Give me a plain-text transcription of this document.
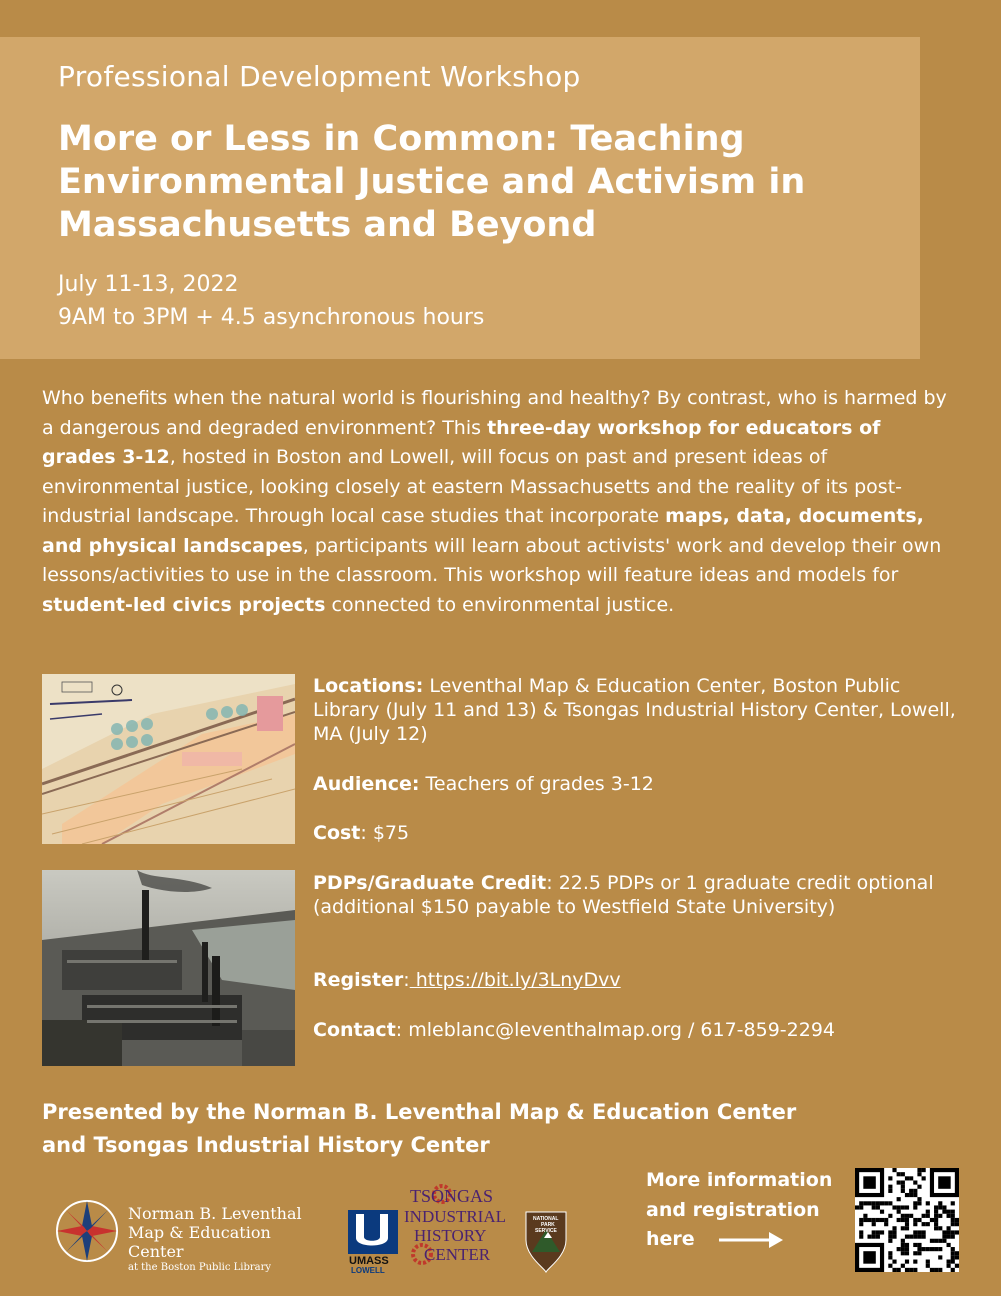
Professional Development Workshop
More or Less in Common: Teaching Environmental Justice and Activism in Massachusetts and Beyond
July 11-13, 2022
9AM to 3PM + 4.5 asynchronous hours
Who benefits when the natural world is flourishing and healthy? By contrast, who is harmed by a dangerous and degraded environment? This three-day workshop for educators of grades 3-12, hosted in Boston and Lowell, will focus on past and present ideas of environmental justice, looking closely at eastern Massachusetts and the reality of its post-industrial landscape. Through local case studies that incorporate maps, data, documents, and physical landscapes, participants will learn about activists' work and develop their own lessons/activities to use in the classroom. This workshop will feature ideas and models for student-led civics projects connected to environmental justice.
Locations: Leventhal Map & Education Center, Boston Public Library (July 11 and 13) & Tsongas Industrial History Center, Lowell, MA (July 12)
Audience: Teachers of grades 3-12
Cost: $75
PDPs/Graduate Credit: 22.5 PDPs or 1 graduate credit optional (additional $150 payable to Westfield State University)
Register: https://bit.ly/3LnyDvv
Contact: mleblanc@leventhalmap.org / 617-859-2294
Presented by the Norman B. Leventhal Map & Education Center and Tsongas Industrial History Center
Norman B. Leventhal
Map & Education Center
at the Boston Public Library
UMASS
LOWELL
TSONGAS
INDUSTRIAL
HISTORY
CENTER
NATIONAL
PARK
SERVICE
More information
and registration
here
